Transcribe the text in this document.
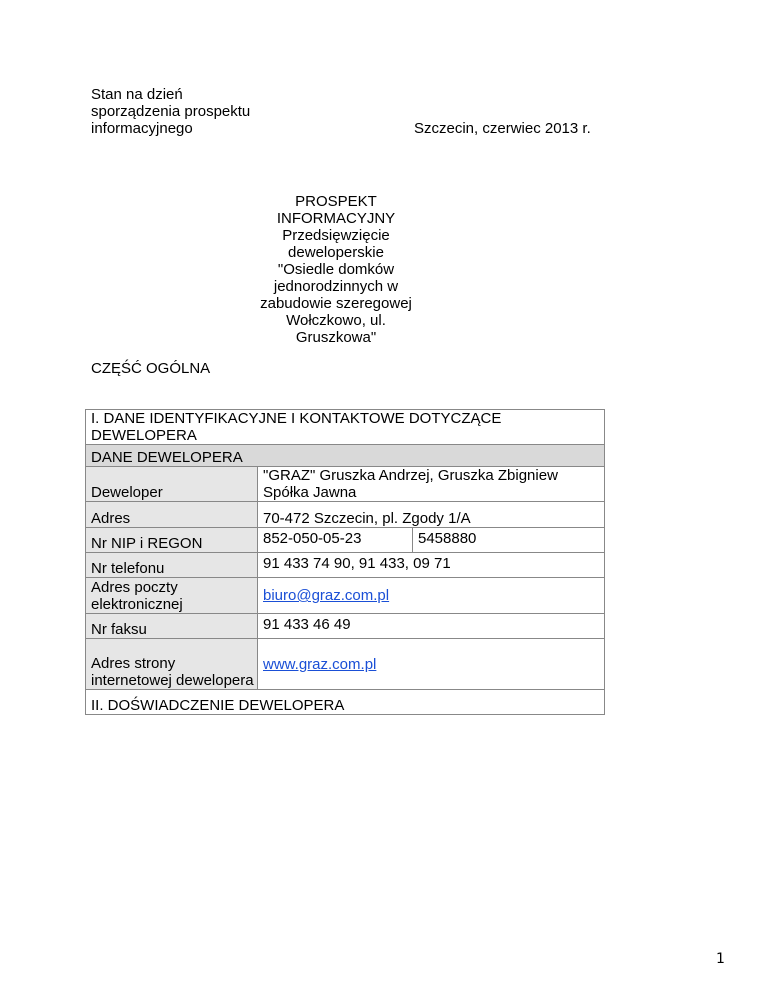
Stan na dzień
sporządzenia prospektu
informacyjnego	Szczecin, czerwiec 2013 r.
PROSPEKT
INFORMACYJNY
Przedsięwzięcie
deweloperskie
"Osiedle domków
jednorodzinnych w
zabudowie szeregowej
Wołczkowo, ul.
Gruszkowa"
CZĘŚĆ OGÓLNA
I. DANE IDENTYFIKACYJNE I KONTAKTOWE DOTYCZĄCE DEWELOPERA		
DANE DEWELOPERA		
Deweloper	"GRAZ" Gruszka Andrzej, Gruszka Zbigniew Spółka Jawna	
Adres	70-472 Szczecin, pl. Zgody 1/A	
Nr NIP i REGON	852-050-05-23	5458880
Nr telefonu	91 433 74 90, 91 433, 09 71	
Adres poczty elektronicznej	biuro@graz.com.pl	
Nr faksu	91 433 46 49	
Adres strony internetowej dewelopera	www.graz.com.pl	
II. DOŚWIADCZENIE DEWELOPERA		
1
